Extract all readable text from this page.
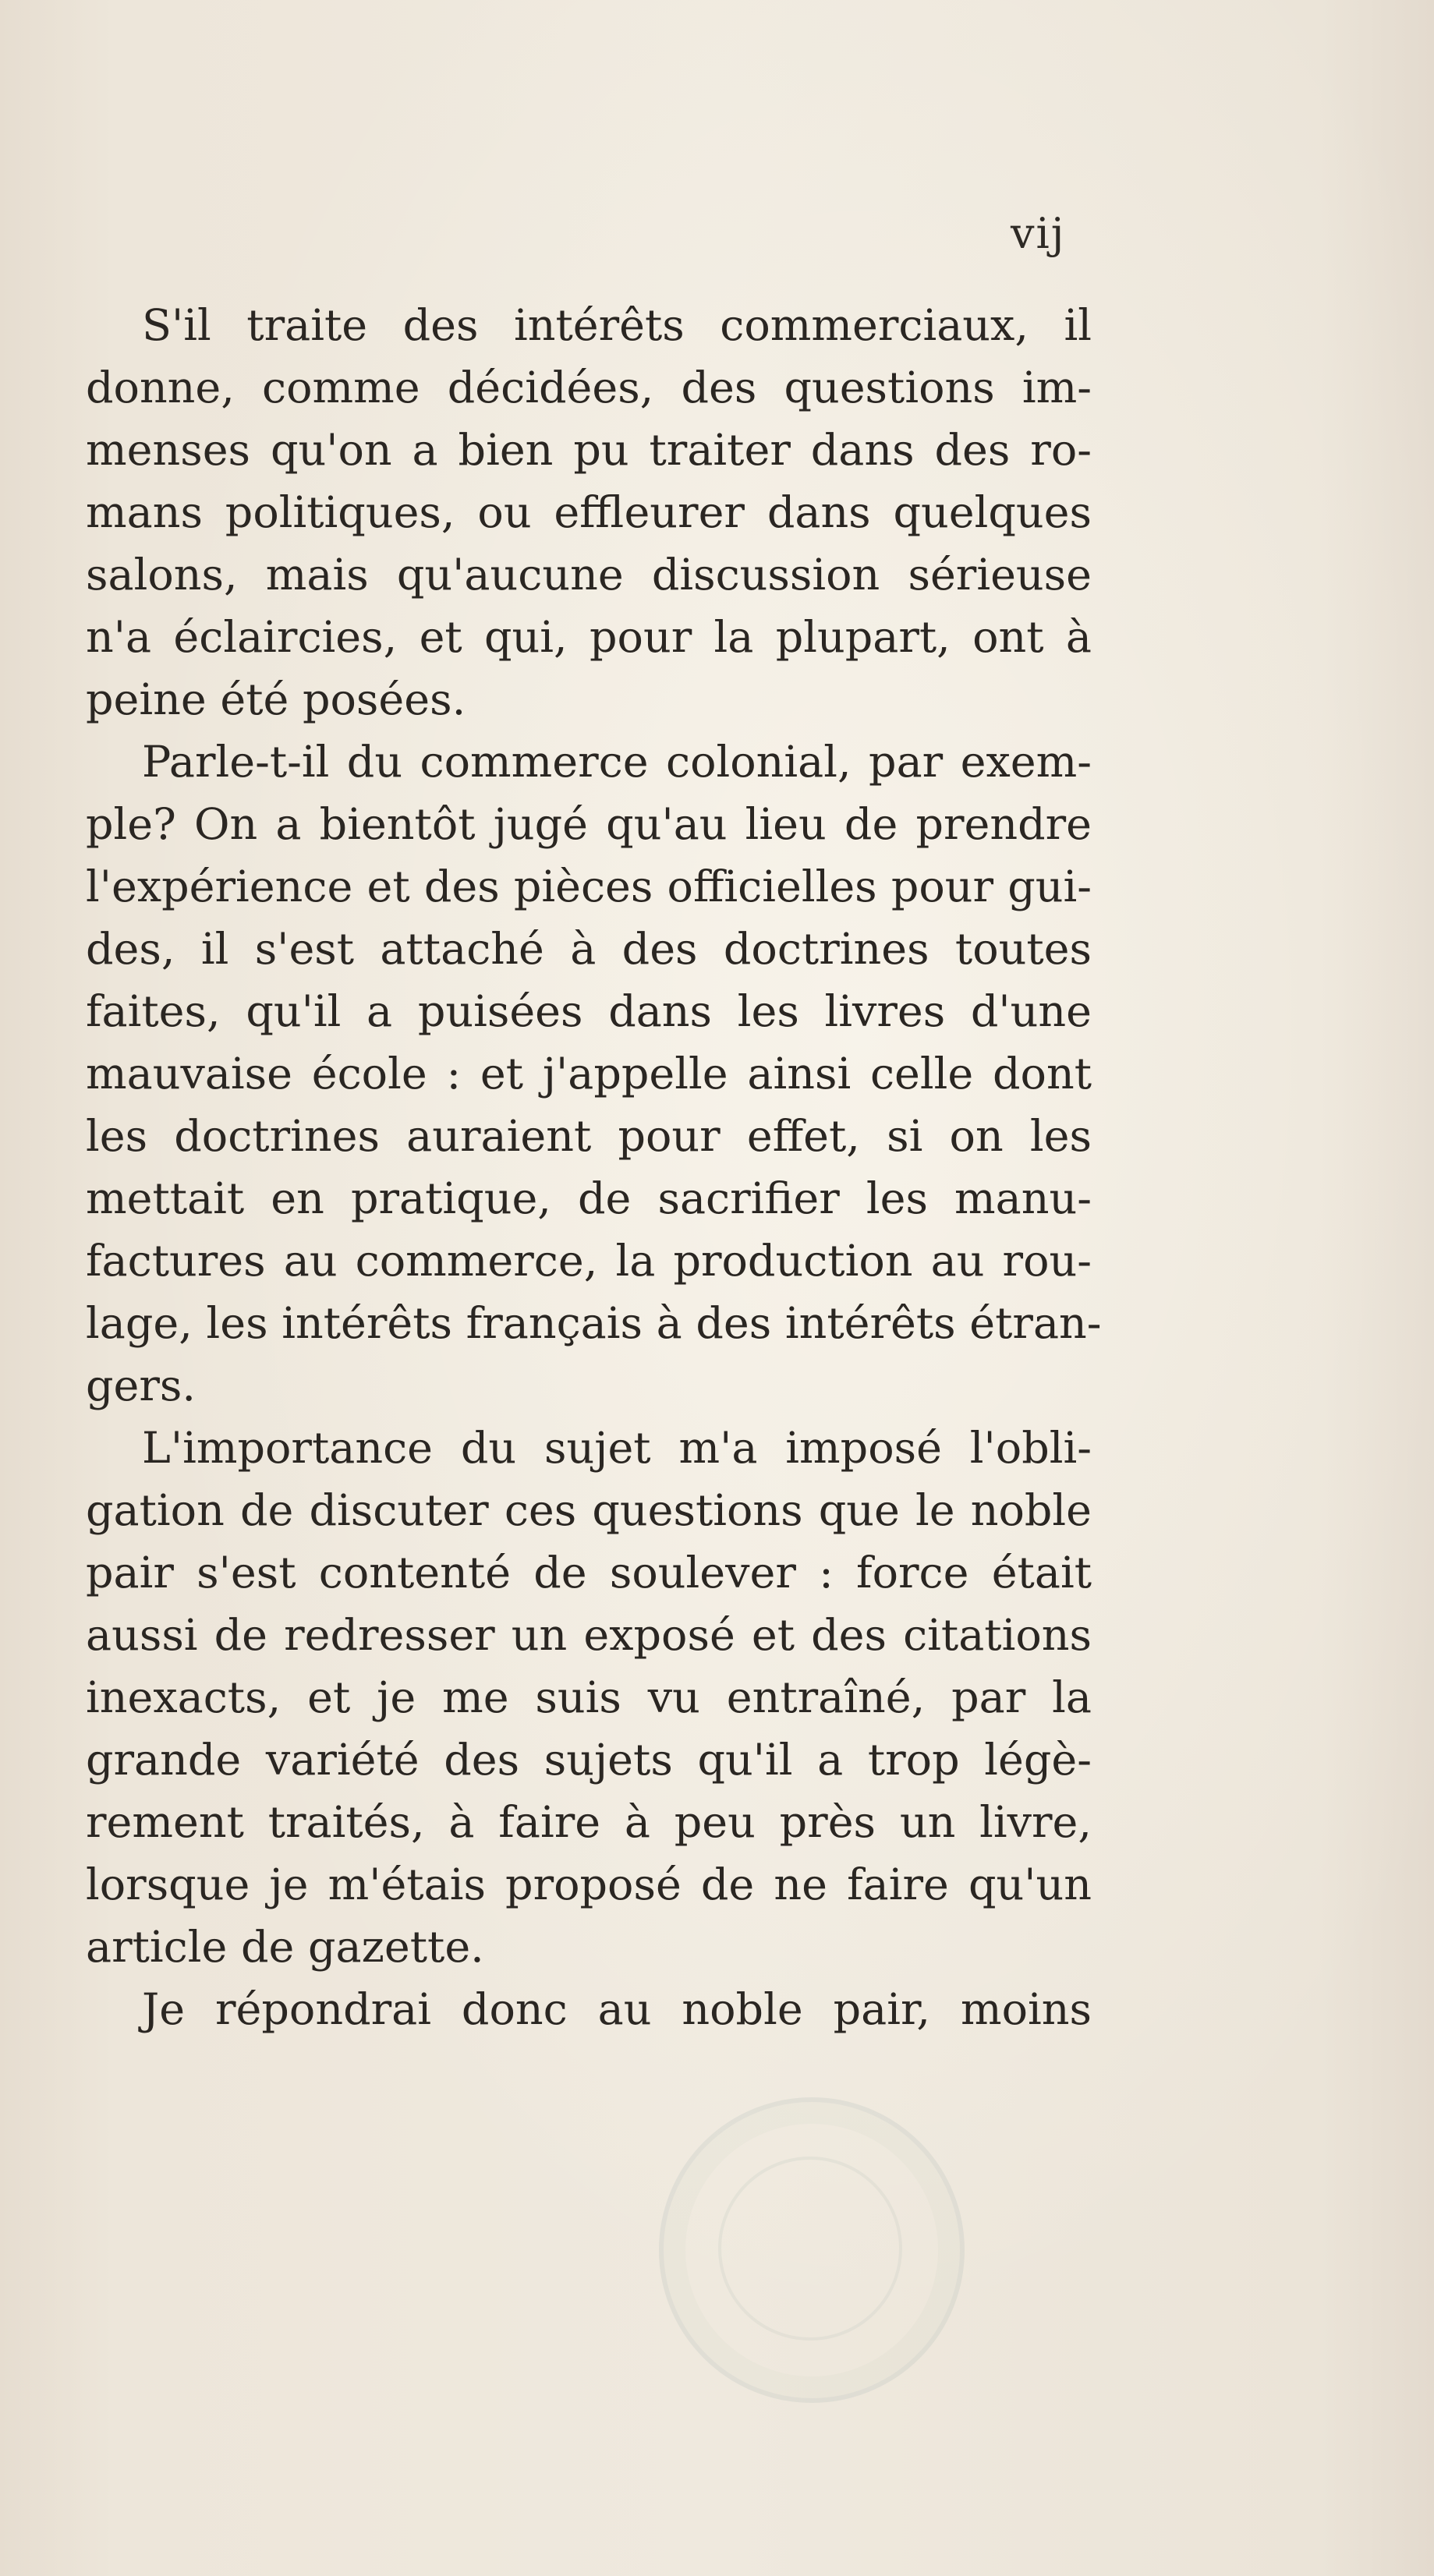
vij
S'il traite des intérêts commerciaux, il
donne, comme décidées, des questions im-
menses qu'on a bien pu traiter dans des ro-
mans politiques, ou effleurer dans quelques
salons, mais qu'aucune discussion sérieuse
n'a éclaircies, et qui, pour la plupart, ont à
peine été posées.
Parle-t-il du commerce colonial, par exem-
ple? On a bientôt jugé qu'au lieu de prendre
l'expérience et des pièces officielles pour gui-
des, il s'est attaché à des doctrines toutes
faites, qu'il a puisées dans les livres d'une
mauvaise école : et j'appelle ainsi celle dont
les doctrines auraient pour effet, si on les
mettait en pratique, de sacrifier les manu-
factures au commerce, la production au rou-
lage, les intérêts français à des intérêts étran-
gers.
L'importance du sujet m'a imposé l'obli-
gation de discuter ces questions que le noble
pair s'est contenté de soulever : force était
aussi de redresser un exposé et des citations
inexacts, et je me suis vu entraîné, par la
grande variété des sujets qu'il a trop légè-
rement traités, à faire à peu près un livre,
lorsque je m'étais proposé de ne faire qu'un
article de gazette.
Je répondrai donc au noble pair, moins
